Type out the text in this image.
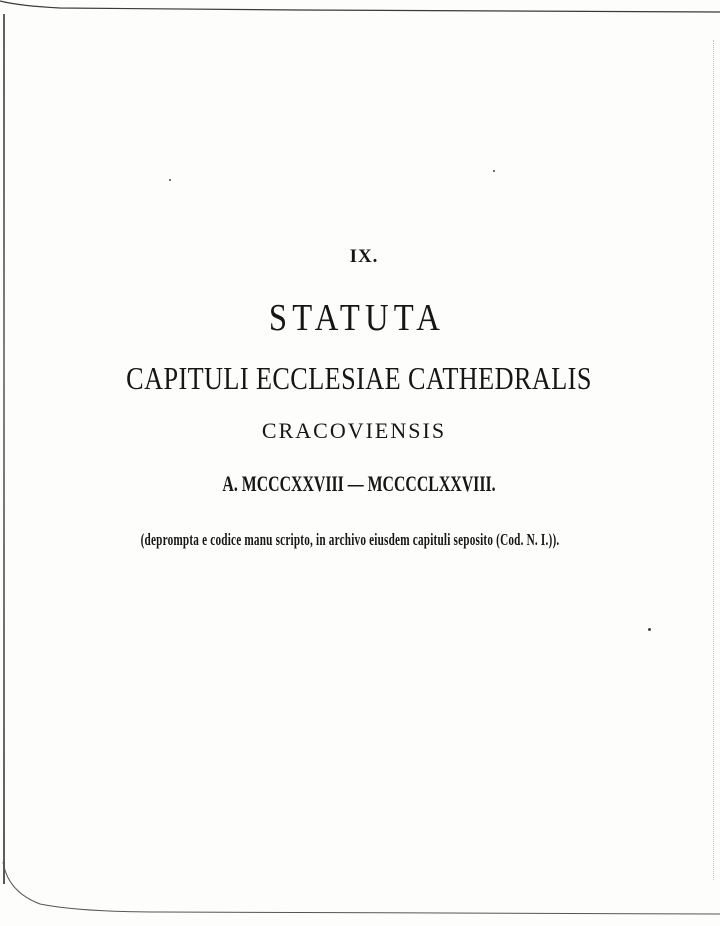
IX.
STATUTA
CAPITULI ECCLESIAE CATHEDRALIS
CRACOVIENSIS
A. MCCCXXVIII — MCCCCLXXVIII.
(deprompta e codice manu scripto, in archivo eiusdem capituli seposito (Cod. N. I.)).
